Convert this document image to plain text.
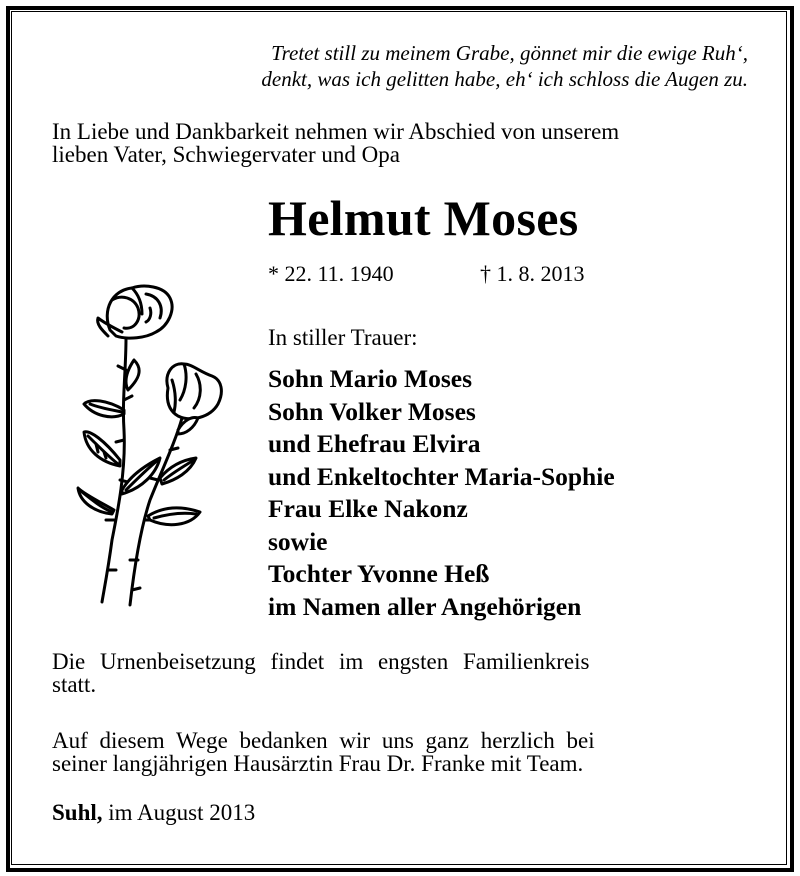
Tretet still zu meinem Grabe, gönnet mir die ewige Ruh‘,
denkt, was ich gelitten habe, eh‘ ich schloss die Augen zu.
In Liebe und Dankbarkeit nehmen wir Abschied von unserem
lieben Vater, Schwiegervater und Opa
Helmut Moses
* 22. 11. 1940	† 1. 8. 2013
In stiller Trauer:
Sohn Mario Moses
Sohn Volker Moses
und Ehefrau Elvira
und Enkeltochter Maria-Sophie
Frau Elke Nakonz
sowie
Tochter Yvonne Heß
im Namen aller Angehörigen
Die Urnenbeisetzung findet im engsten Familienkreis
statt.
Auf diesem Wege bedanken wir uns ganz herzlich bei
seiner langjährigen Hausärztin Frau Dr. Franke mit Team.
Suhl, im August 2013
